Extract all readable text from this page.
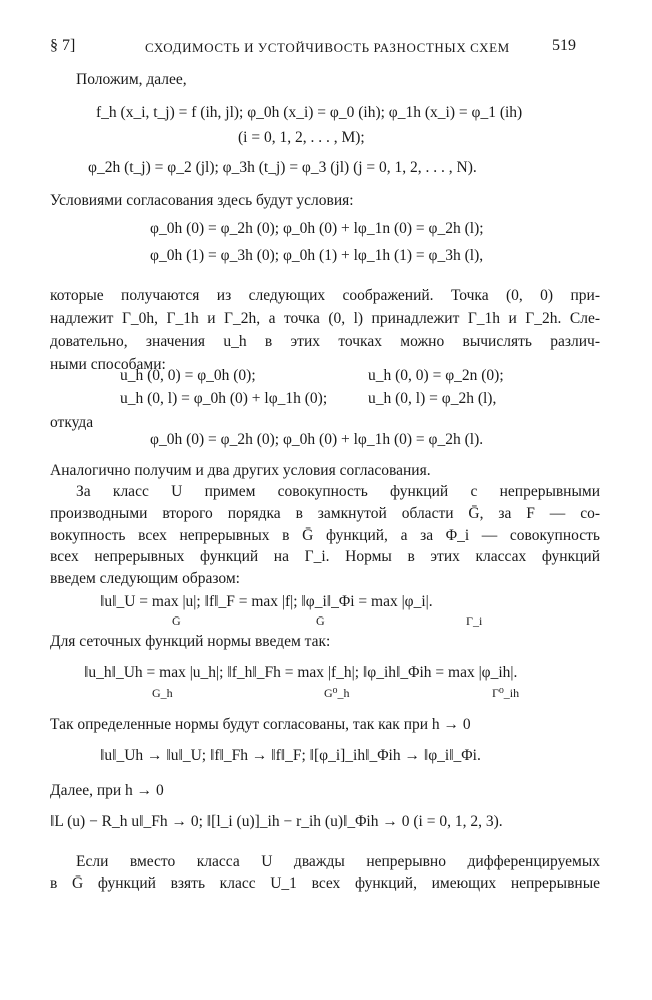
§ 7]	СХОДИМОСТЬ И УСТОЙЧИВОСТЬ РАЗНОСТНЫХ СХЕМ	519
Положим, далее,
f_h (x_i, t_j) = f (ih, jl); φ_0h (x_i) = φ_0 (ih); φ_1h (x_i) = φ_1 (ih)
(i = 0, 1, 2, . . . , M);
φ_2h (t_j) = φ_2 (jl); φ_3h (t_j) = φ_3 (jl) (j = 0, 1, 2, . . . , N).
Условиями согласования здесь будут условия:
φ_0h (0) = φ_2h (0); φ_0h (0) + lφ_1n (0) = φ_2h (l);
φ_0h (1) = φ_3h (0); φ_0h (1) + lφ_1h (1) = φ_3h (l),
которые получаются из следующих соображений. Точка (0, 0) при-
надлежит Γ_0h, Γ_1h и Γ_2h, а точка (0, l) принадлежит Γ_1h и Γ_2h. Сле-
довательно, значения u_h в этих точках можно вычислять различ-
ными способами:
u_h (0, 0) = φ_0h (0);	u_h (0, 0) = φ_2n (0);
u_h (0, l) = φ_0h (0) + lφ_1h (0);	u_h (0, l) = φ_2h (l),
откуда
φ_0h (0) = φ_2h (0); φ_0h (0) + lφ_1h (0) = φ_2h (l).
Аналогично получим и два других условия согласования.
За класс U примем совокупность функций с непрерывными
производными второго порядка в замкнутой области Ḡ, за F — со-
вокупность всех непрерывных в Ḡ функций, а за Φ_i — совокупность
всех непрерывных функций на Γ_i. Нормы в этих классах функций
введем следующим образом:
‖u‖_U = max |u|; ‖f‖_F = max |f|; ‖φ_i‖_Φi = max |φ_i|.
Ḡ	Ḡ	Γ_i
Для сеточных функций нормы введем так:
‖u_h‖_Uh = max |u_h|; ‖f_h‖_Fh = max |f_h|; ‖φ_ih‖_Φih = max |φ_ih|.
G_h	G⁰_h	Γ⁰_ih
Так определенные нормы будут согласованы, так как при h → 0
‖u‖_Uh → ‖u‖_U; ‖f‖_Fh → ‖f‖_F; ‖[φ_i]_ih‖_Φih → ‖φ_i‖_Φi.
Далее, при h → 0
‖L (u) − R_h u‖_Fh → 0; ‖[l_i (u)]_ih − r_ih (u)‖_Φih → 0 (i = 0, 1, 2, 3).
Если вместо класса U дважды непрерывно дифференцируемых
в Ḡ функций взять класс U_1 всех функций, имеющих непрерывные
